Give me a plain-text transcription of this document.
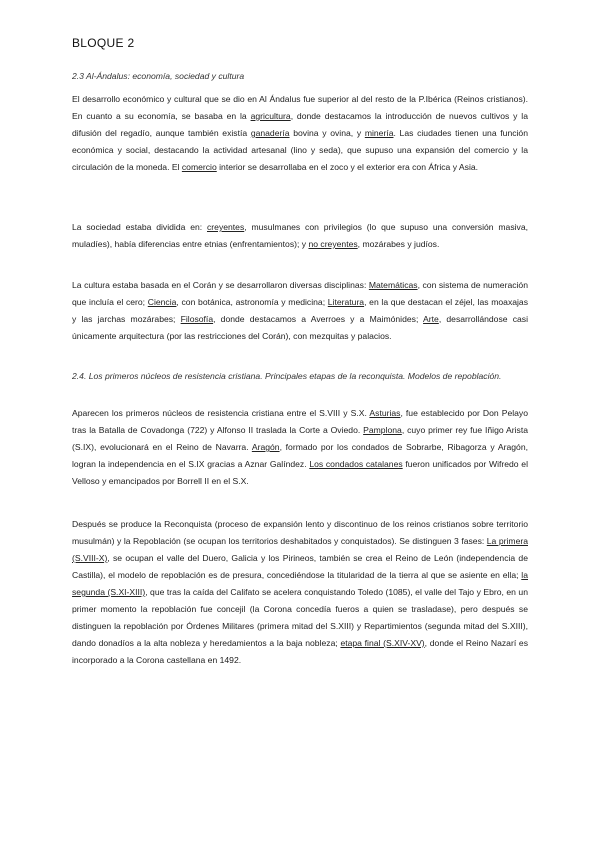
BLOQUE 2
2.3 Al-Ándalus: economía, sociedad y cultura
El desarrollo económico y cultural que se dio en Al Ándalus fue superior al del resto de la P.Ibérica (Reinos cristianos). En cuanto a su economía, se basaba en la agricultura, donde destacamos la introducción de nuevos cultivos y la difusión del regadío, aunque también existía ganadería bovina y ovina, y minería. Las ciudades tienen una función económica y social, destacando la actividad artesanal (lino y seda), que supuso una expansión del comercio y la circulación de la moneda. El comercio interior se desarrollaba en el zoco y el exterior era con África y Asia.
La sociedad estaba dividida en: creyentes, musulmanes con privilegios (lo que supuso una conversión masiva, muladíes), había diferencias entre etnias (enfrentamientos); y no creyentes, mozárabes y judíos.
La cultura estaba basada en el Corán y se desarrollaron diversas disciplinas: Matemáticas, con sistema de numeración que incluía el cero; Ciencia, con botánica, astronomía y medicina; Literatura, en la que destacan el zéjel, las moaxajas y las jarchas mozárabes; Filosofía, donde destacamos a Averroes y a Maimónides; Arte, desarrollándose casi únicamente arquitectura (por las restricciones del Corán), con mezquitas y palacios.
2.4. Los primeros núcleos de resistencia cristiana. Principales etapas de la reconquista. Modelos de repoblación.
Aparecen los primeros núcleos de resistencia cristiana entre el S.VIII y S.X. Asturias, fue establecido por Don Pelayo tras la Batalla de Covadonga (722) y Alfonso II traslada la Corte a Oviedo. Pamplona, cuyo primer rey fue Iñigo Arista (S.IX), evolucionará en el Reino de Navarra. Aragón, formado por los condados de Sobrarbe, Ribagorza y Aragón, logran la independencia en el S.IX gracias a Aznar Galíndez. Los condados catalanes fueron unificados por Wifredo el Velloso y emancipados por Borrell II en el S.X.
Después se produce la Reconquista (proceso de expansión lento y discontinuo de los reinos cristianos sobre territorio musulmán) y la Repoblación (se ocupan los territorios deshabitados y conquistados). Se distinguen 3 fases: La primera (S.VIII-X), se ocupan el valle del Duero, Galicia y los Pirineos, también se crea el Reino de León (independencia de Castilla), el modelo de repoblación es de presura, concediéndose la titularidad de la tierra al que se asiente en ella; la segunda (S.XI-XIII), que tras la caída del Califato se acelera conquistando Toledo (1085), el valle del Tajo y Ebro, en un primer momento la repoblación fue concejil (la Corona concedía fueros a quien se trasladase), pero después se distinguen la repoblación por Órdenes Militares (primera mitad del S.XIII) y Repartimientos (segunda mitad del S.XIII), dando donadíos a la alta nobleza y heredamientos a la baja nobleza; etapa final (S.XIV-XV), donde el Reino Nazarí es incorporado a la Corona castellana en 1492.
